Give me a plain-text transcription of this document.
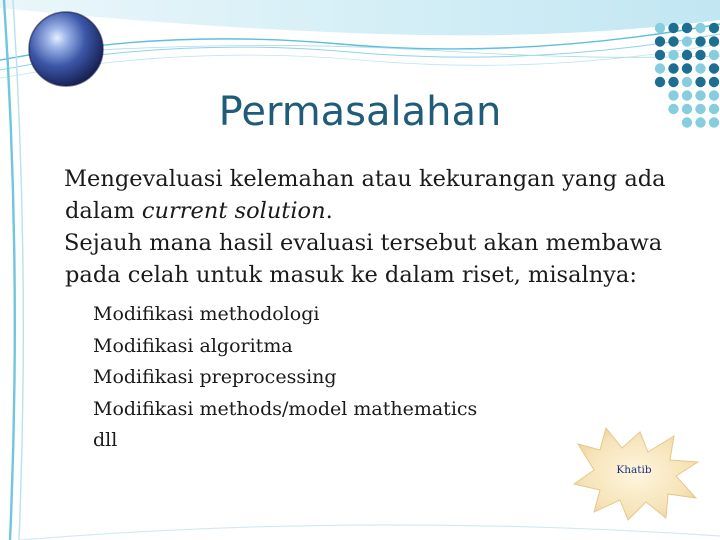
Permasalahan
Mengevaluasi kelemahan atau kekurangan yang ada dalam current solution.
Sejauh mana hasil evaluasi tersebut akan membawa pada celah untuk masuk ke dalam riset, misalnya:
Modifikasi methodologi
Modifikasi algoritma
Modifikasi preprocessing
Modifikasi methods/model mathematics
dll
Khatib
